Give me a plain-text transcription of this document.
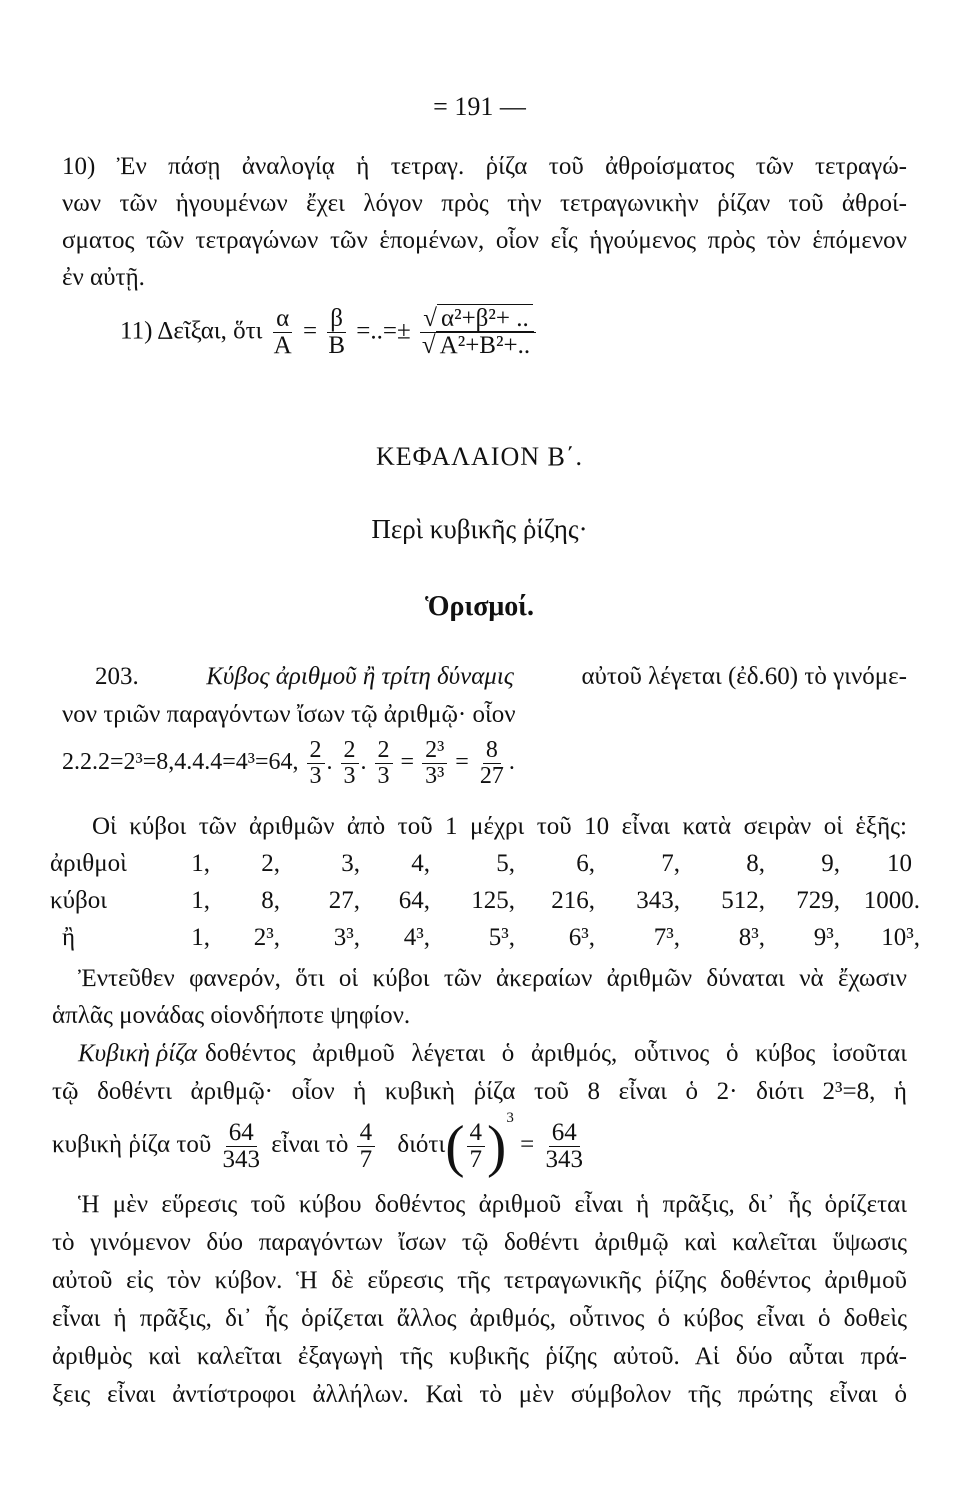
= 191 —
10) Ἐν πάσῃ ἀναλογίᾳ ἡ τετραγ. ῥίζα τοῦ ἀθροίσματος τῶν τετραγώ-
νων τῶν ἡγουμένων ἔχει λόγον πρὸς τὴν τετραγωνικὴν ῥίζαν τοῦ ἀθροί-
σματος τῶν τετραγώνων τῶν ἑπομένων, οἷον εἷς ἡγούμενος πρὸς τὸν ἑπόμενον
ἐν αὐτῇ.
11) Δεῖξαι, ὅτι $\frac{\alpha}{A} = \frac{\beta}{B}$ =..=± $\frac{\text{√ α²+β²+ ..}}{\text{√ Α²+Β²+..}}$
ΚΕΦΑΛΑΙΟΝ Β΄.
Περὶ κυβικῆς ῥίζης·
Ὁρισμοί.
203.	Κύβος ἀριθμοῦ ἢ τρίτη δύναμις	αὐτοῦ λέγεται (ἐδ.60) τὸ γινόμε-
νον τριῶν παραγόντων ἴσων τῷ ἀριθμῷ· οἷον
2.2.2=2³=8,4.4.4=4³=64, $\frac{2}{3}$ . $\frac{2}{3}$ . $\frac{2}{3} = \frac{\text{2³}}{\text{3³}} = \frac{8}{27}$ .
Οἱ κύβοι τῶν ἀριθμῶν ἀπὸ τοῦ 1 μέχρι τοῦ 10 εἶναι κατὰ σειρὰν οἱ ἑξῆς:
ἀριθμοὶ	1,	2,	3,	4,	5,	6,	7,	8,	9,	10
κύβοι	1,	8,	27,	64,	125,	216,	343,	512,	729, 1000.
ἢ	1,	2³,	3³,	4³,	5³,	6³,	7³,	8³,	9³,	10³,
Ἐντεῦθεν φανερόν, ὅτι οἱ κύβοι τῶν ἀκεραίων ἀριθμῶν δύναται νὰ ἔχωσιν
ἁπλᾶς μονάδας οἱονδήποτε ψηφίον.
Κυβικὴ ῥίζα δοθέντος ἀριθμοῦ λέγεται ὁ ἀριθμός, οὗτινος ὁ κύβος ἰσοῦται
τῷ δοθέντι ἀριθμῷ· οἷον ἡ κυβικὴ ῥίζα τοῦ 8 εἶναι ὁ 2· διότι 2³=8, ἡ
κυβικὴ ῥίζα τοῦ $\frac{64}{343}$ εἶναι τὸ $\frac{4}{7} \delta\iota ό\tau\iota( \frac{4}{7} )^3 = \frac{64}{343}$
Ἡ μὲν εὕρεσις τοῦ κύβου δοθέντος ἀριθμοῦ εἶναι ἡ πρᾶξις, δι᾽ ἧς ὁρίζεται
τὸ γινόμενον δύο παραγόντων ἴσων τῷ δοθέντι ἀριθμῷ καὶ καλεῖται ὕψωσις
αὐτοῦ εἰς τὸν κύβον. Ἡ δὲ εὕρεσις τῆς τετραγωνικῆς ῥίζης δοθέντος ἀριθμοῦ
εἶναι ἡ πρᾶξις, δι᾽ ἧς ὁρίζεται ἄλλος ἀριθμός, οὗτινος ὁ κύβος εἶναι ὁ δοθεὶς
ἀριθμὸς καὶ καλεῖται ἐξαγωγὴ τῆς κυβικῆς ῥίζης αὐτοῦ. Αἱ δύο αὗται πρά-
ξεις εἶναι ἀντίστροφοι ἀλλήλων. Καὶ τὸ μὲν σύμβολον τῆς πρώτης εἶναι ὁ
